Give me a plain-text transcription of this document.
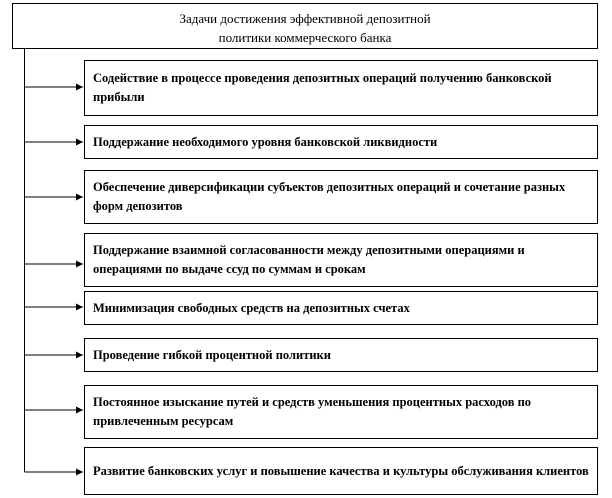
Задачи достижения эффективной депозитной
политики коммерческого банка
Содействие в процессе проведения депозитных операций получению банковской прибыли
Поддержание необходимого уровня банковской ликвидности
Обеспечение диверсификации субъектов депозитных операций и сочетание разных форм депозитов
Поддержание взаимной согласованности между депозитными операциями и операциями по выдаче ссуд по суммам и срокам
Минимизация свободных средств на депозитных счетах
Проведение гибкой процентной политики
Постоянное изыскание путей и средств уменьшения процентных расходов по привлеченным ресурсам
Развитие банковских услуг и повышение качества и культуры обслуживания клиентов
